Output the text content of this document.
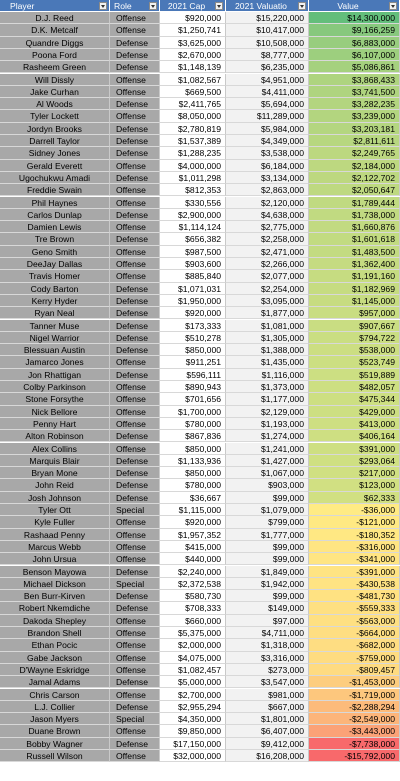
Player	Role	2021 Cap	2021 Valuatio	Value
D.J. Reed	Offense	$920,000	$15,220,000	$14,300,000
D.K. Metcalf	Offense	$1,250,741	$10,417,000	$9,166,259
Quandre Diggs	Defense	$3,625,000	$10,508,000	$6,883,000
Poona Ford	Defense	$2,670,000	$8,777,000	$6,107,000
Rasheem Green	Defense	$1,148,139	$6,235,000	$5,086,861
Will Dissly	Offense	$1,082,567	$4,951,000	$3,868,433
Jake Curhan	Offense	$669,500	$4,411,000	$3,741,500
Al Woods	Defense	$2,411,765	$5,694,000	$3,282,235
Tyler Lockett	Offense	$8,050,000	$11,289,000	$3,239,000
Jordyn Brooks	Defense	$2,780,819	$5,984,000	$3,203,181
Darrell Taylor	Defense	$1,537,389	$4,349,000	$2,811,611
Sidney Jones	Defense	$1,288,235	$3,538,000	$2,249,765
Gerald Everett	Offense	$4,000,000	$6,184,000	$2,184,000
Ugochukwu Amadi	Defense	$1,011,298	$3,134,000	$2,122,702
Freddie Swain	Offense	$812,353	$2,863,000	$2,050,647
Phil Haynes	Offense	$330,556	$2,120,000	$1,789,444
Carlos Dunlap	Defense	$2,900,000	$4,638,000	$1,738,000
Damien Lewis	Offense	$1,114,124	$2,775,000	$1,660,876
Tre Brown	Defense	$656,382	$2,258,000	$1,601,618
Geno Smith	Offense	$987,500	$2,471,000	$1,483,500
DeeJay Dallas	Offense	$903,600	$2,266,000	$1,362,400
Travis Homer	Offense	$885,840	$2,077,000	$1,191,160
Cody Barton	Defense	$1,071,031	$2,254,000	$1,182,969
Kerry Hyder	Defense	$1,950,000	$3,095,000	$1,145,000
Ryan Neal	Defense	$920,000	$1,877,000	$957,000
Tanner Muse	Defense	$173,333	$1,081,000	$907,667
Nigel Warrior	Defense	$510,278	$1,305,000	$794,722
Blessuan Austin	Defense	$850,000	$1,388,000	$538,000
Jamarco Jones	Offense	$911,251	$1,435,000	$523,749
Jon Rhattigan	Defense	$596,111	$1,116,000	$519,889
Colby Parkinson	Offense	$890,943	$1,373,000	$482,057
Stone Forsythe	Offense	$701,656	$1,177,000	$475,344
Nick Bellore	Offense	$1,700,000	$2,129,000	$429,000
Penny Hart	Offense	$780,000	$1,193,000	$413,000
Alton Robinson	Defense	$867,836	$1,274,000	$406,164
Alex Collins	Offense	$850,000	$1,241,000	$391,000
Marquis Blair	Defense	$1,133,936	$1,427,000	$293,064
Bryan Mone	Defense	$850,000	$1,067,000	$217,000
John Reid	Defense	$780,000	$903,000	$123,000
Josh Johnson	Defense	$36,667	$99,000	$62,333
Tyler Ott	Special	$1,115,000	$1,079,000	-$36,000
Kyle Fuller	Offense	$920,000	$799,000	-$121,000
Rashaad Penny	Offense	$1,957,352	$1,777,000	-$180,352
Marcus Webb	Offense	$415,000	$99,000	-$316,000
John Ursua	Offense	$440,000	$99,000	-$341,000
Benson Mayowa	Defense	$2,240,000	$1,849,000	-$391,000
Michael Dickson	Special	$2,372,538	$1,942,000	-$430,538
Ben Burr-Kirven	Defense	$580,730	$99,000	-$481,730
Robert Nkemdiche	Defense	$708,333	$149,000	-$559,333
Dakoda Shepley	Offense	$660,000	$97,000	-$563,000
Brandon Shell	Offense	$5,375,000	$4,711,000	-$664,000
Ethan Pocic	Offense	$2,000,000	$1,318,000	-$682,000
Gabe Jackson	Offense	$4,075,000	$3,316,000	-$759,000
D'Wayne Eskridge	Offense	$1,082,457	$273,000	-$809,457
Jamal Adams	Defense	$5,000,000	$3,547,000	-$1,453,000
Chris Carson	Offense	$2,700,000	$981,000	-$1,719,000
L.J. Collier	Defense	$2,955,294	$667,000	-$2,288,294
Jason Myers	Special	$4,350,000	$1,801,000	-$2,549,000
Duane Brown	Offense	$9,850,000	$6,407,000	-$3,443,000
Bobby Wagner	Defense	$17,150,000	$9,412,000	-$7,738,000
Russell Wilson	Offense	$32,000,000	$16,208,000	-$15,792,000
